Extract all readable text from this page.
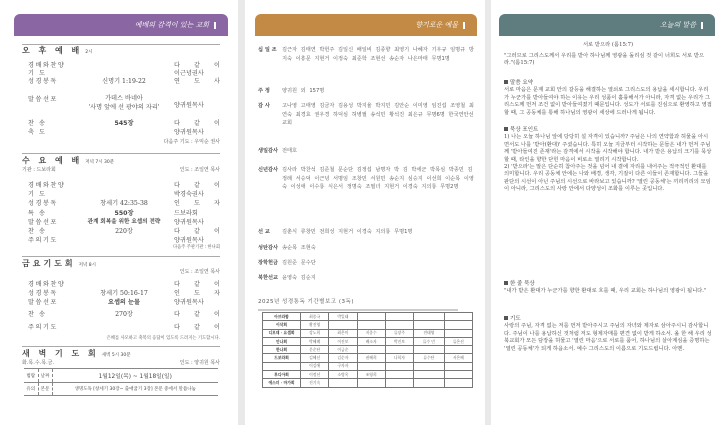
예배의 감격이 있는 교회
오 후 예 배 2시
경배와찬양	다 같 이
기 도	이근녕권사
성경봉독	신명기 1:19-22	연 도 사
말씀선포	가데스 바네아
'사명 앞에 선 광야의 자리'	양귀원목사
찬 송	545장	다 같 이
축 도	양귀원목사
다음주 기도 : 우익순 권사
수 요 예 배 저녁 7시 30분
기관 : 드보라회	인도 : 조일연 목사
경배와찬양	다 같 이
기 도	박경숙권사
성경봉독	창세기 42:35-38	인 도 자
특 송	550장	드보라회
말씀선포	관계 회복을 위한 요셉의 전략	양귀원목사
찬 송	220장	다 같 이
주의기도	양귀원목사
다음주 주관기관 : 한나회
금요기도회 저녁 8시
인도 : 조일연 목사
경배와찬양	다 같 이
성경봉독	창세기 50:16-17	인 도 자
말씀선포	요셉의 눈물	양귀원목사
찬 송	270장	다 같 이
주의기도	다 같 이
은혜를 사모하고 축복의 응답이 있도록 드려지는 기도합시다.
새 벽 기 도 회 새벽 5시 30분
화.목.수.목.금.	인도 : 양귀원 목사
범람	날짜	1월12일(목) ~ 1월18일(일)
유의	본문	생명도독 [창세기 30장~ 출애굽기 3장] 본문 중에서 말씀나눔
향기로운 예물
십 일 조	김근자 김태연 박헌주 김일신 배일비 김종향 최영기 나혜자 기우규 임명규 방지숙 이흥문 지현거 이정숙 최준학 조현선 송순자 나은마태 무명1명
주 정	양귀원 외 157명
감 사	고나영 고태영 김금자 김용성 박지율 박지민 김안순 이미영 임진섭 조영철 최연숙 최경효 권우경 하덕심 허병필 송석민 황석진 최은규 무명6명 한국연안선교회
생일감사 전태호
신년감사 김사라 박찬석 김준철 문순단 김정섭 남명자 박 김 박세군 박목심 박종민 김정례 서승덕 이근녕 서명임 조창민 서원민 송순지 심승지 이선희 이순목 이영숙 이성애 이수룡 식은서 정명숙 조필녀 지현거 이경숙 지의룡 무명2명
선 교	김춘식 류창민 전희성 지현거 이경숙 지의룡 무명1명
성탄감사 송순목 조현숙
장학헌금 김원준 문수단
북한선교 윤영숙 김순지
2025년 성경통독 기간별보고 (3독)
아브라함	최종국	박일태				
이삭회	황진영					
디모데 · 요셉회	강노희	최은미	지종수	류장주	전태영	
안나회	박혜례	이진보	배소자	박진보	류수 민	류은선
한나회	문순단	이금순				
드보라회	김혜선	김순자	권혜희	나희자	류수단	서은혜
	이김애	구자자				
루디아회	이정선	소병옥	조영희			
에스더 · 마가회	진기숙					
오늘의 말씀
서로 받으라 (롬15:7)
"그러므로 그리스도께서 우리를 받아 하나님께 영광을 돌리심 것 같이 너희도 서로 받으라."(롬15:7)
말씀 요약
서로 마음은 문제 교회 안의 갈등을 해결하는 열쇠로 그리스도의 용납을 세시합니다. 우리가 누군가를 받아들여야 하는 이유는 우리 성품이 훌륭해서가 아니라, 자격 없는 우리가 그리스도께 먼저 조건 없이 받아들여졌기 때문입니다. 성도가 서로를 진심으로 환영하고 영접할 때, 그 공동체를 통해 하나님의 영광이 세상에 드러나게 됩니다.
묵상 포인트
1) 나는 오늘 하나님 앞에 당당히 설 자격이 있습니까? 주님은 나의 연약함과 허물을 아시면서도 나를 '받아(환대)' 주셨습니다. 특히 오늘 지금부터 시작하는 문들은 내가 먼저 주님께 '받아들여진 존재'라는 감격에서 시작을 시작해야 합니다. 내가 받은 용납의 크기를 묵상할 때, 타인을 향한 닫힌 마음이 비로소 열리기 시작합니다.
2) '받으라'는 말은 단순히 참아주는 것을 넘어 내 곁에 자리를 내어주는 적극적인 환대를 의미합니다. 우리 공동체 안에는 나와 배경, 생각, 기질이 다른 이들이 존재합니다. 그들을 판단의 시선이 아닌 주님의 시선으로 바라보고 있습니까? '열린 공동체'는 끼리끼리의 모임이 아니라, 그리스도의 사랑 안에서 다양성이 조화를 이루는 곳입니다.
한 줄 묵상
"내가 받은 환대가 누군가를 향한 환대로 흐를 때, 우리 교회는 하나님의 영광이 됩니다."
기도
사랑의 주님, 자격 없는 저를 먼저 받아주시고 주님의 자녀와 제자로 삼아주시니 감사합니다. 주님이 나를 용납하신 것처럼 저도 형제자매를 편견 없이 받게 하소서. 올 한 해 우리 성북교회가 모든 담장을 허물고 '열린 마음'으로 서로를 품어, 하나님의 살아계심을 증명하는 '열린 공동체'가 되게 하옵소서. 예수 그리스도의 이름으로 기도드립니다. 아멘.
